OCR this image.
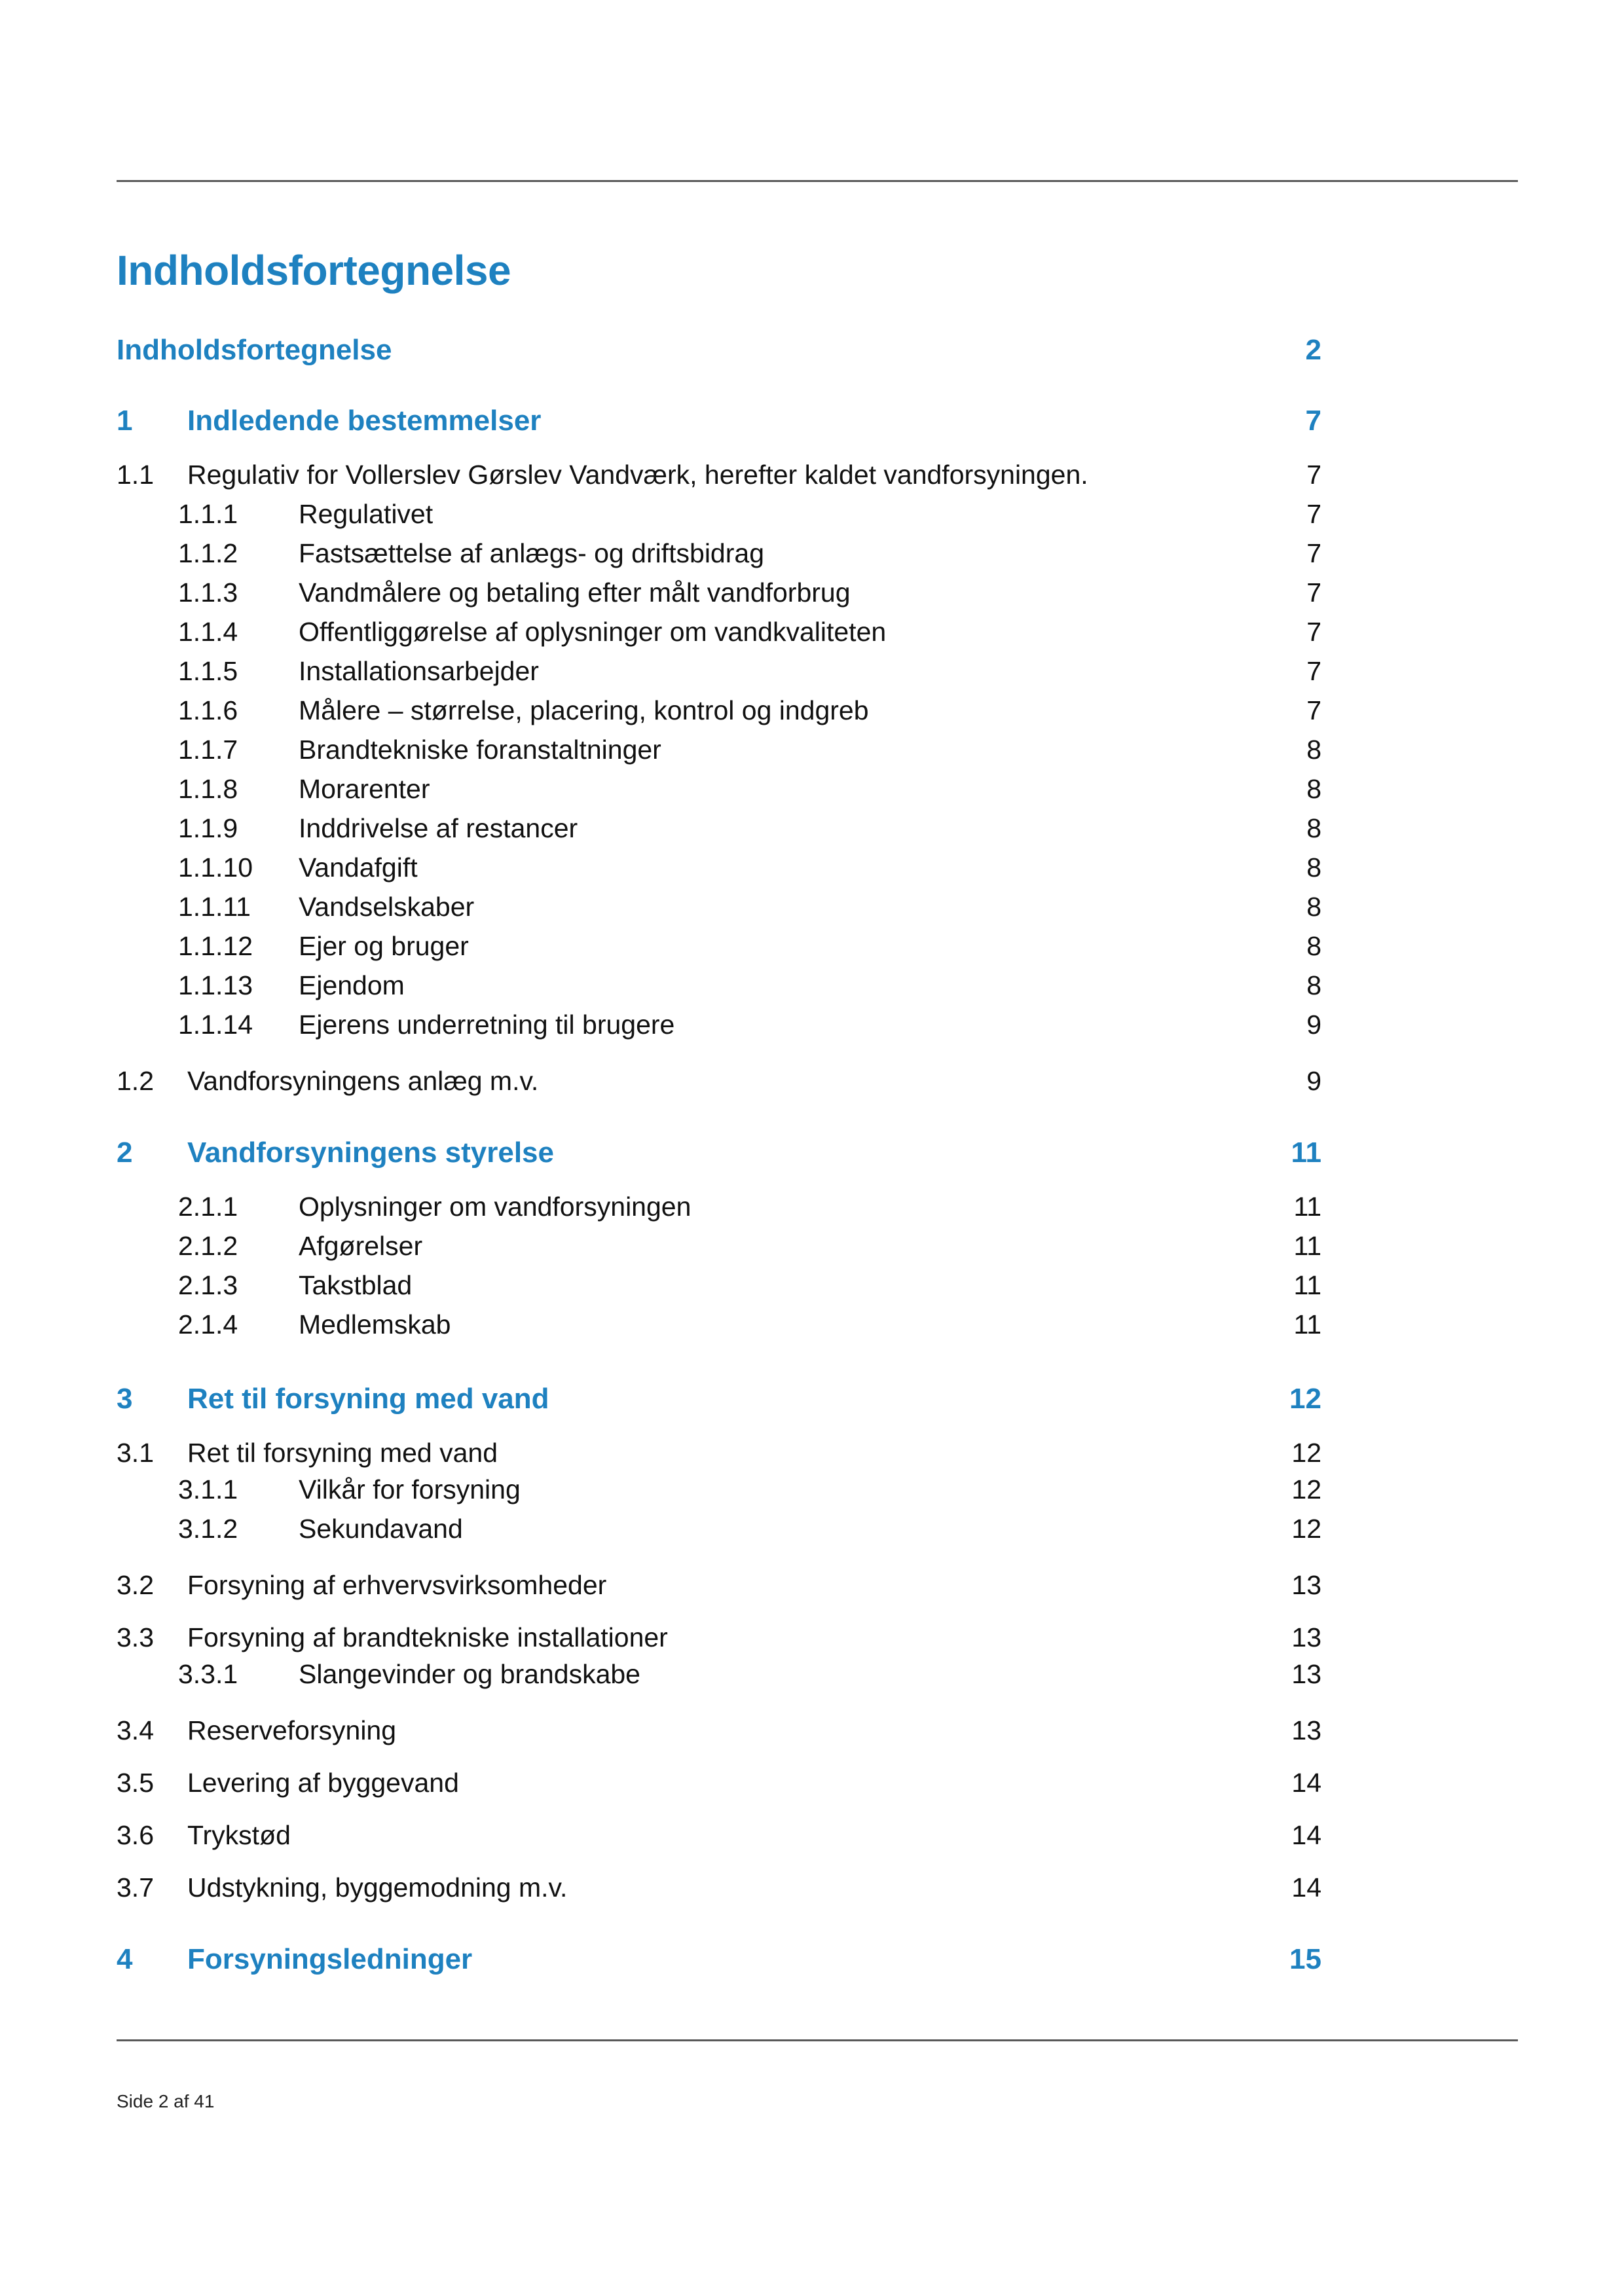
Indholdsfortegnelse
Indholdsfortegnelse	2
1 Indledende bestemmelser	7
1.1 Regulativ for Vollerslev Gørslev Vandværk, herefter kaldet vandforsyningen.	7
1.1.1 Regulativet	7
1.1.2 Fastsættelse af anlægs- og driftsbidrag	7
1.1.3 Vandmålere og betaling efter målt vandforbrug	7
1.1.4 Offentliggørelse af oplysninger om vandkvaliteten	7
1.1.5 Installationsarbejder	7
1.1.6 Målere – størrelse, placering, kontrol og indgreb	7
1.1.7 Brandtekniske foranstaltninger	8
1.1.8 Morarenter	8
1.1.9 Inddrivelse af restancer	8
1.1.10 Vandafgift	8
1.1.11 Vandselskaber	8
1.1.12 Ejer og bruger	8
1.1.13 Ejendom	8
1.1.14 Ejerens underretning til brugere	9
1.2 Vandforsyningens anlæg m.v.	9
2 Vandforsyningens styrelse	11
2.1.1 Oplysninger om vandforsyningen	11
2.1.2 Afgørelser	11
2.1.3 Takstblad	11
2.1.4 Medlemskab	11
3 Ret til forsyning med vand	12
3.1 Ret til forsyning med vand	12
3.1.1 Vilkår for forsyning	12
3.1.2 Sekundavand	12
3.2 Forsyning af erhvervsvirksomheder	13
3.3 Forsyning af brandtekniske installationer	13
3.3.1 Slangevinder og brandskabe	13
3.4 Reserveforsyning	13
3.5 Levering af byggevand	14
3.6 Trykstød	14
3.7 Udstykning, byggemodning m.v.	14
4 Forsyningsledninger	15
Side 2 af 41
